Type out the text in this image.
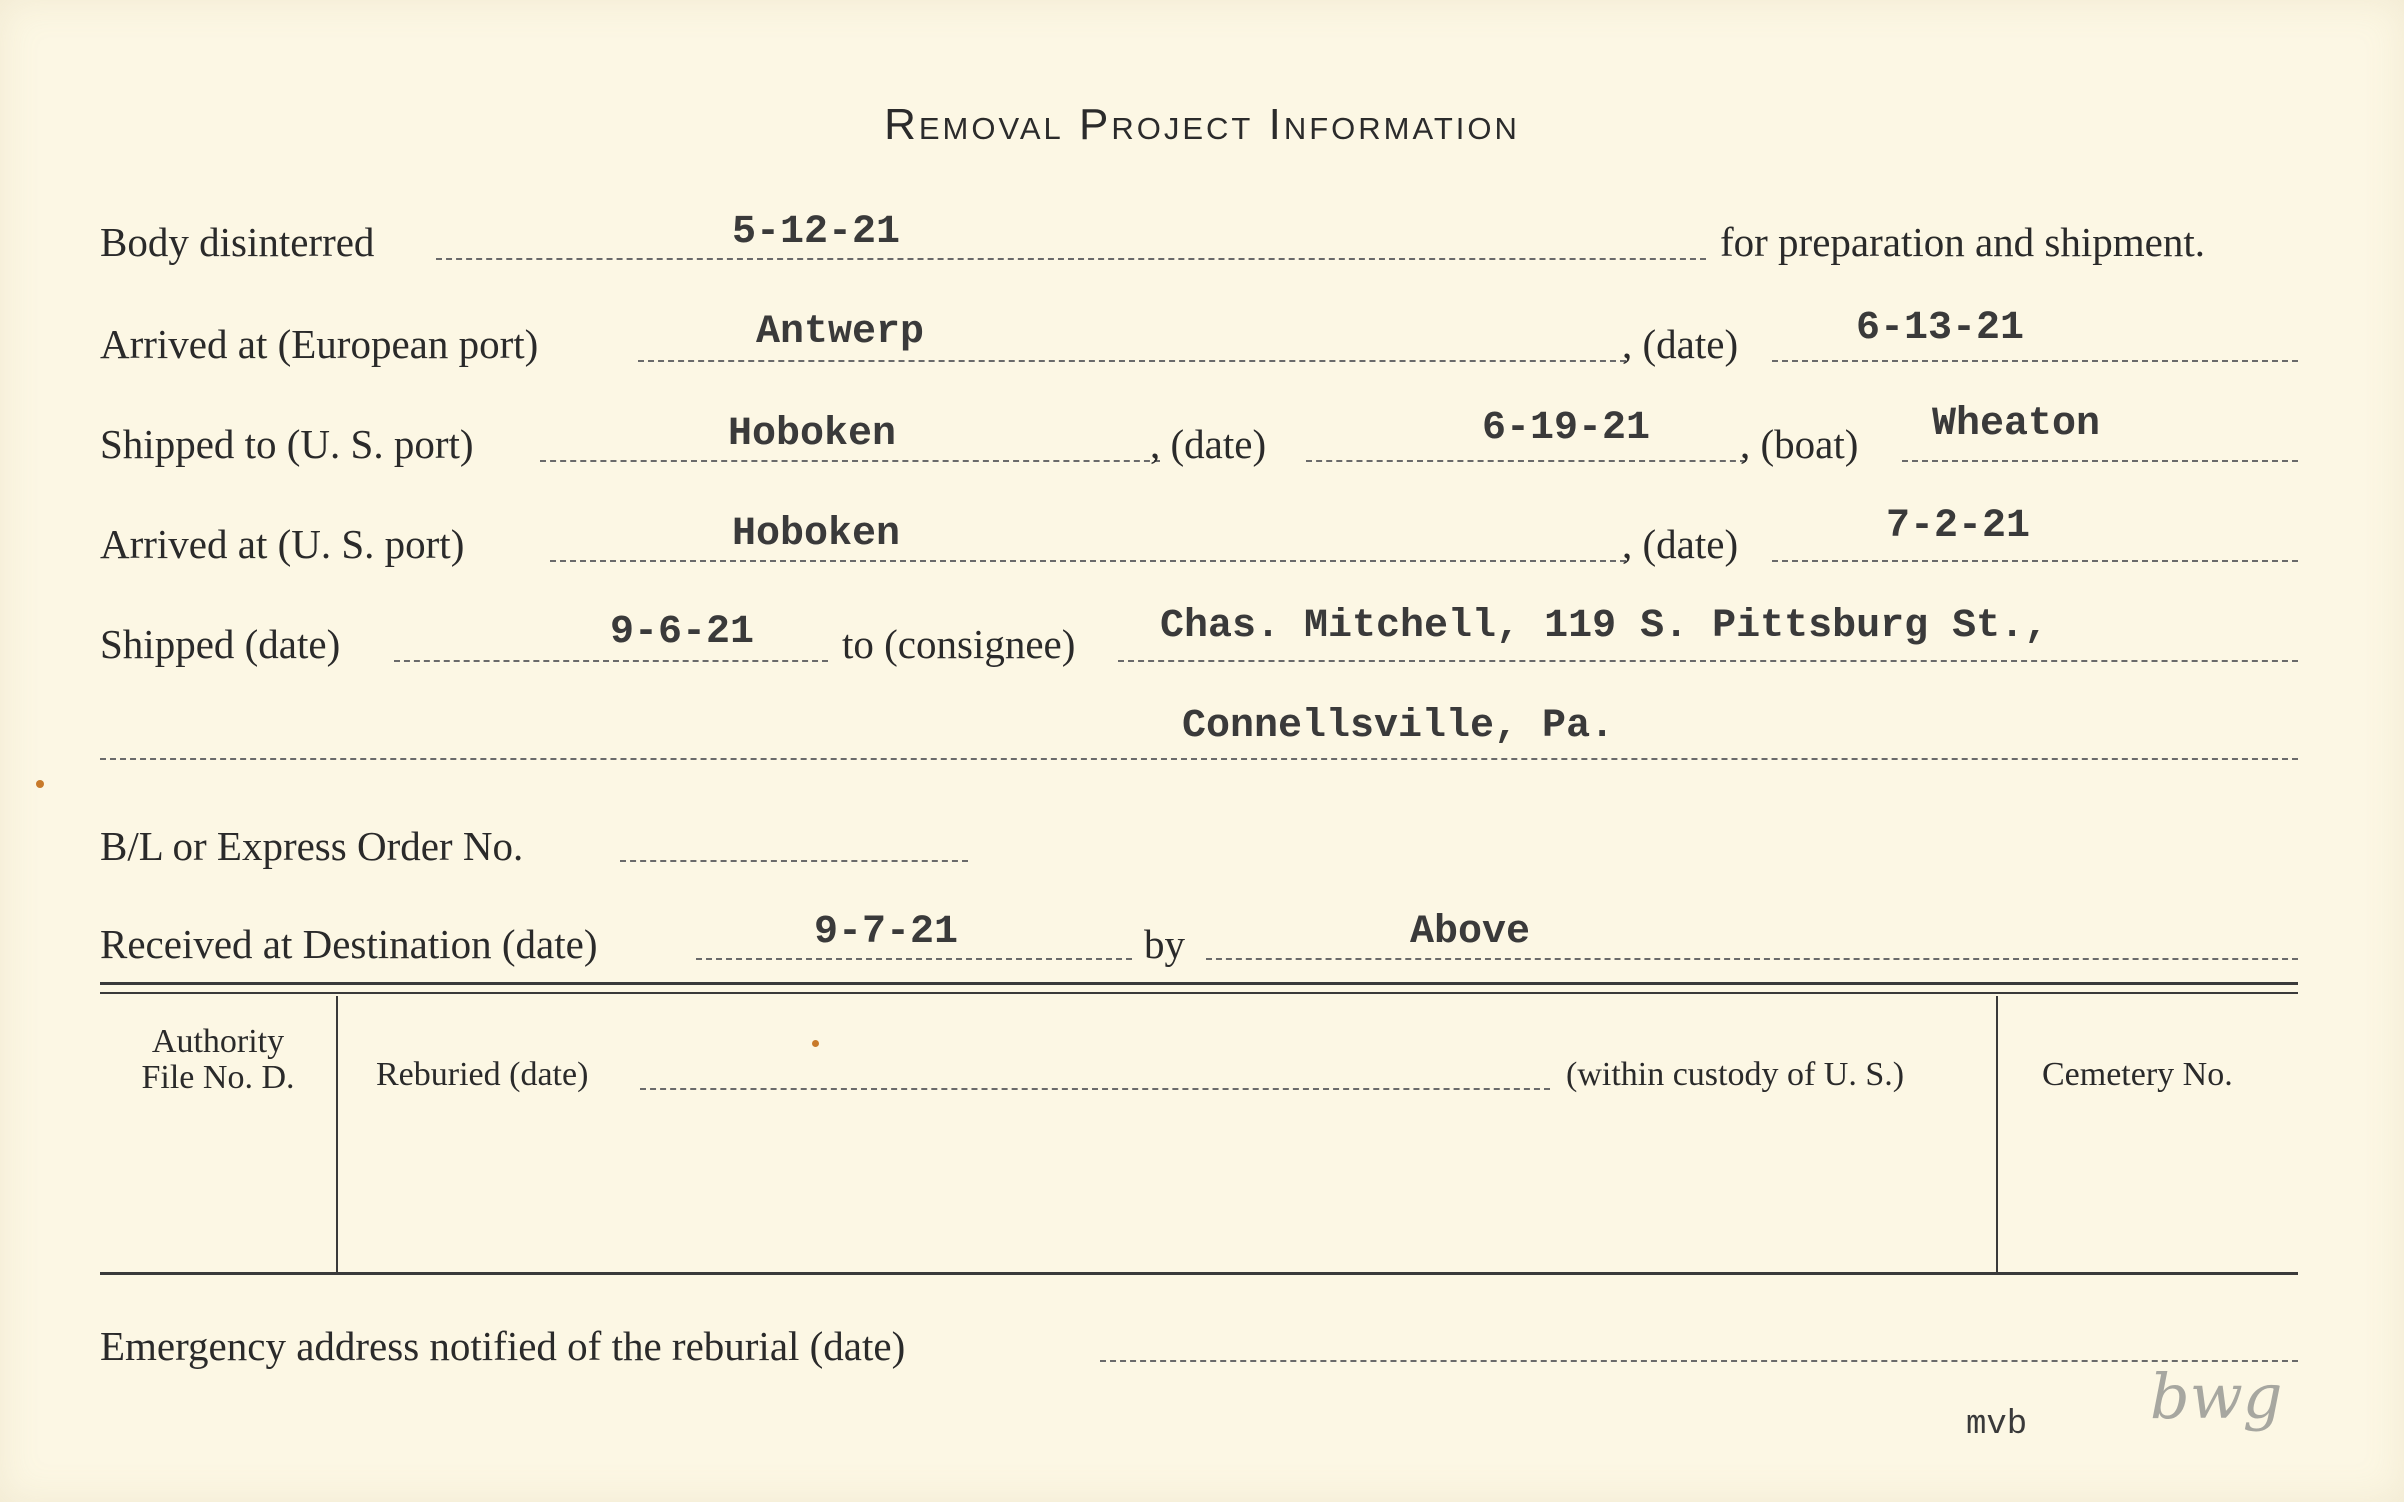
Removal Project Information
Body disinterred	5-12-21	for preparation and shipment.
Arrived at (European port)	Antwerp	, (date)	6-13-21
Shipped to (U. S. port)	Hoboken	, (date)	6-19-21 , (boat) Wheaton
Arrived at (U. S. port)	Hoboken	, (date)	7-2-21
Shipped (date)	9-6-21 to (consignee) Chas. Mitchell, 119 S. Pittsburg St.,
Connellsville, Pa.
B/L or Express Order No.
Received at Destination (date)	9-7-21	by	Above
Authority
File No. D.	Reburied (date)	(within custody of U. S.)	Cemetery No.
Emergency address notified of the reburial (date)
mvb bwg
